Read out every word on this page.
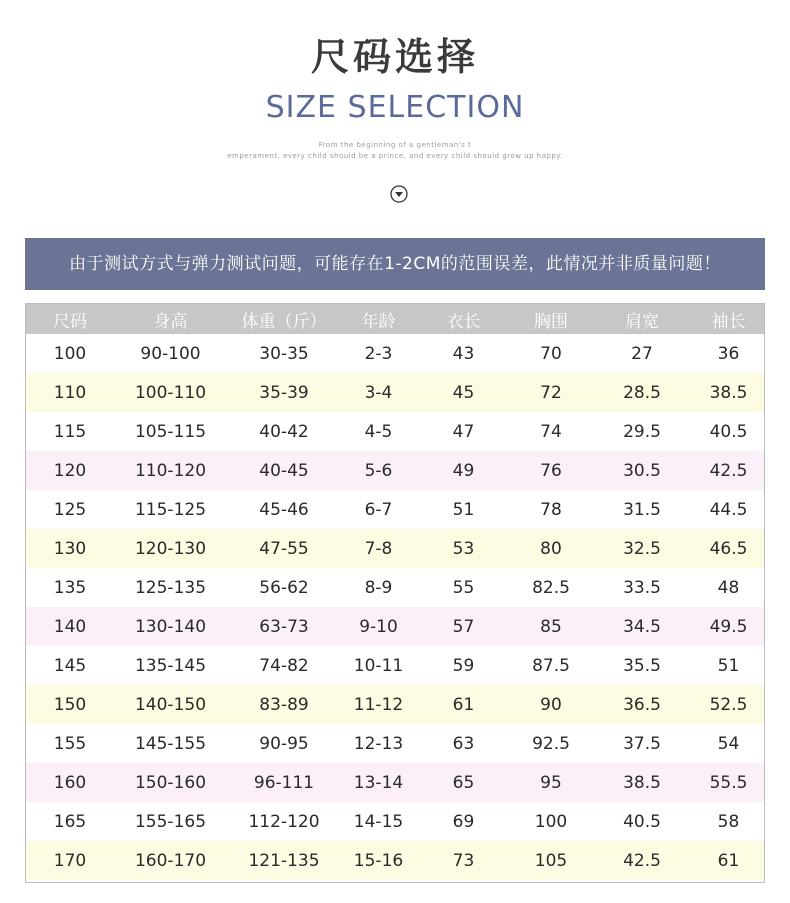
尺码选择
SIZE SELECTION
From the beginning of a gentleman's t
emperament, every child should be a prince, and every child should grow up happy.
由于测试方式与弹力测试问题，可能存在1-2CM的范围误差，此情况并非质量问题！
尺码	身高	体重（斤）	年龄	衣长	胸围	肩宽	袖长
100	90-100	30-35	2-3	43	70	27	36
110	100-110	35-39	3-4	45	72	28.5	38.5
115	105-115	40-42	4-5	47	74	29.5	40.5
120	110-120	40-45	5-6	49	76	30.5	42.5
125	115-125	45-46	6-7	51	78	31.5	44.5
130	120-130	47-55	7-8	53	80	32.5	46.5
135	125-135	56-62	8-9	55	82.5	33.5	48
140	130-140	63-73	9-10	57	85	34.5	49.5
145	135-145	74-82	10-11	59	87.5	35.5	51
150	140-150	83-89	11-12	61	90	36.5	52.5
155	145-155	90-95	12-13	63	92.5	37.5	54
160	150-160	96-111	13-14	65	95	38.5	55.5
165	155-165	112-120	14-15	69	100	40.5	58
170	160-170	121-135	15-16	73	105	42.5	61
